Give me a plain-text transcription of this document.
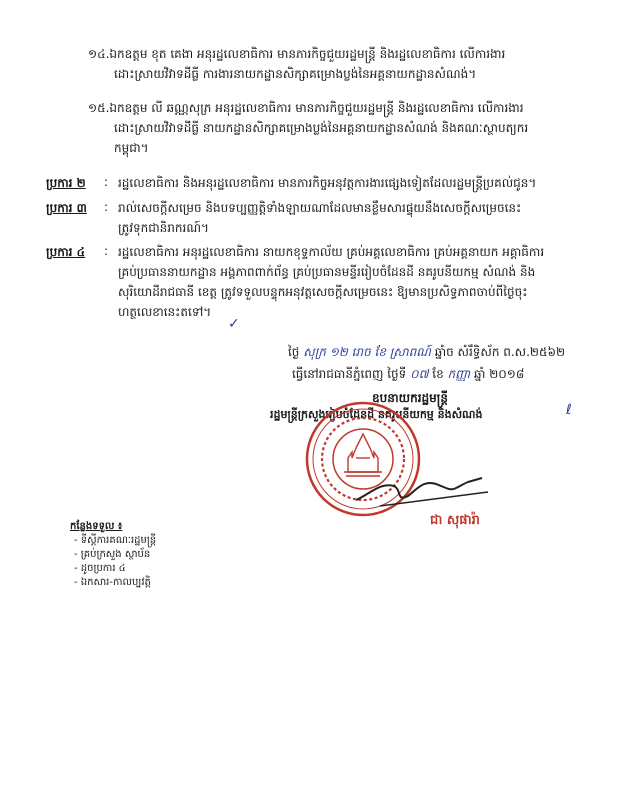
១៤.ឯកឧត្តម ខុត គេងា អនុរដ្ឋលេខាធិការ មានភារកិច្ចជួយរដ្ឋមន្ត្រី និងរដ្ឋលេខាធិការ លើការងារ
ដោះស្រាយវិវាទដីធ្លី ការងារនាយកដ្ឋានសិក្សាគម្រោងប្លង់នៃអគ្គនាយកដ្ឋានសំណង់។
១៥.ឯកឧត្តម លី ឆណ្ណសុភ្រ អនុរដ្ឋលេខាធិការ មានភារកិច្ចជួយរដ្ឋមន្ត្រី និងរដ្ឋលេខាធិការ លើការងារ
ដោះស្រាយវិវាទដីធ្លី នាយកដ្ឋានសិក្សាគម្រោងប្លង់នៃអគ្គនាយកដ្ឋានសំណង់ និងគណៈស្ថាបត្យករ
កម្ពុជា។
ប្រការ ២ : រដ្ឋលេខាធិការ និងអនុរដ្ឋលេខាធិការ មានភារកិច្ចអនុវត្តការងារផ្សេងទៀតដែលរដ្ឋមន្ត្រីប្រគល់ជូន។
ប្រការ ៣ : រាល់សេចក្តីសម្រេច និងបទប្បញ្ញត្តិទាំងឡាយណាដែលមានខ្លឹមសារផ្ទុយនឹងសេចក្តីសម្រេចនេះ
ត្រូវទុកជានិរាករណ៍។
ប្រការ ៤ : រដ្ឋលេខាធិការ អនុរដ្ឋលេខាធិការ នាយកខុទ្ទកាល័យ គ្រប់អគ្គលេខាធិការ គ្រប់អគ្គនាយក អគ្គាធិការ
គ្រប់ប្រធាននាយកដ្ឋាន អង្គភាពពាក់ព័ន្ធ គ្រប់ប្រធានមន្ទីររៀបចំដែនដី នគរូបនីយកម្ម សំណង់ និង
សុរិយោដីរាជធានី ខេត្ត ត្រូវទទួលបន្ទុកអនុវត្តសេចក្តីសម្រេចនេះ ឱ្យមានប្រសិទ្ធភាពចាប់ពីថ្ងៃចុះ
ហត្ថលេខានេះតទៅ។
✓
ថ្ងៃ សុក្រ ១២ រោច ខែ ស្រាពណ៍ ឆ្នាំច សំរឹទ្ធិស័ក ព.ស.២៥៦២
ធ្វើនៅរាជធានីភ្នំពេញ ថ្ងៃទី ០៧ ខែ កញ្ញា ឆ្នាំ ២០១៨
ឧបនាយករដ្ឋមន្ត្រី
រដ្ឋមន្ត្រីក្រសួងរៀបចំដែនដី នគរូបនីយកម្ម និងសំណង់	ℓ
ជា សុផារ៉ា
កន្លែងទទួល ៖
- ទីស្តីការគណៈរដ្ឋមន្ត្រី
- គ្រប់ក្រសួង ស្ថាប័ន
- ដូចប្រការ ៤
- ឯកសារ-កាលប្បវត្តិ
